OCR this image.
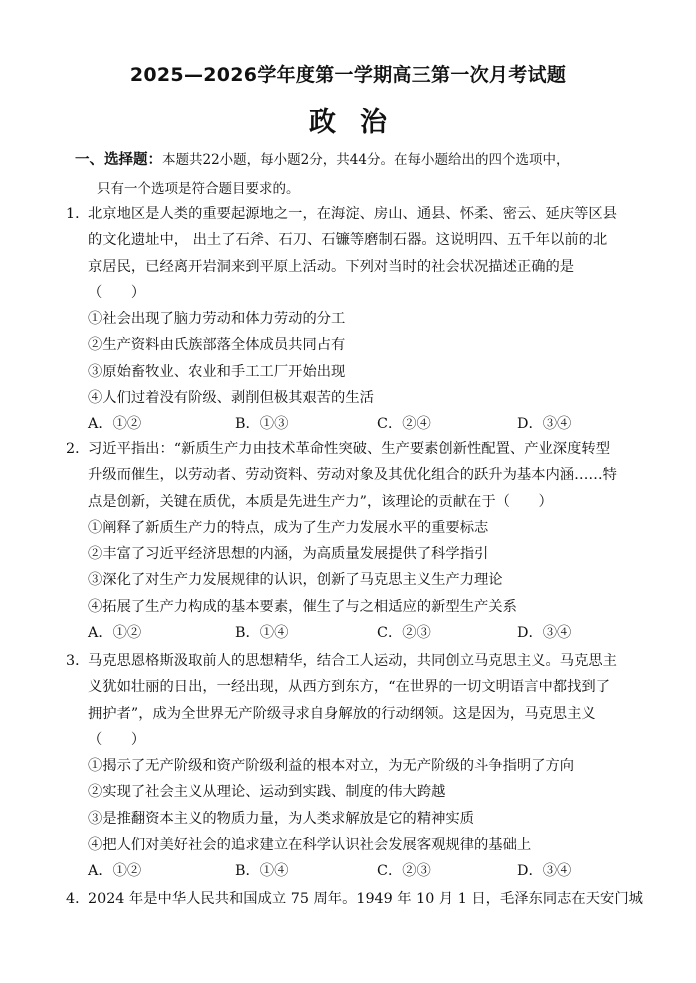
2025—2026学年度第一学期高三第一次月考试题
政治
一、选择题：本题共22小题，每小题2分，共44分。在每小题给出的四个选项中，
只有一个选项是符合题目要求的。
1．
北京地区是人类的重要起源地之一，在海淀、房山、通县、怀柔、密云、延庆等区县
的文化遗址中， 出土了石斧、石刀、石镰等磨制石器。这说明四、五千年以前的北
京居民，已经离开岩洞来到平原上活动。下列对当时的社会状况描述正确的是
（　　）
①社会出现了脑力劳动和体力劳动的分工
②生产资料由氏族部落全体成员共同占有
③原始畜牧业、农业和手工工厂开始出现
④人们过着没有阶级、剥削但极其艰苦的生活
A．①②	B．①③	C．②④	D．③④
2．
习近平指出：“新质生产力由技术革命性突破、生产要素创新性配置、产业深度转型
升级而催生，以劳动者、劳动资料、劳动对象及其优化组合的跃升为基本内涵……特
点是创新，关键在质优，本质是先进生产力”，该理论的贡献在于（　　）
①阐释了新质生产力的特点，成为了生产力发展水平的重要标志
②丰富了习近平经济思想的内涵，为高质量发展提供了科学指引
③深化了对生产力发展规律的认识，创新了马克思主义生产力理论
④拓展了生产力构成的基本要素，催生了与之相适应的新型生产关系
A．①②	B．①④	C．②③	D．③④
3．
马克思恩格斯汲取前人的思想精华，结合工人运动，共同创立马克思主义。马克思主
义犹如壮丽的日出，一经出现，从西方到东方，“在世界的一切文明语言中都找到了
拥护者”，成为全世界无产阶级寻求自身解放的行动纲领。这是因为，马克思主义
（　　）
①揭示了无产阶级和资产阶级利益的根本对立，为无产阶级的斗争指明了方向
②实现了社会主义从理论、运动到实践、制度的伟大跨越
③是推翻资本主义的物质力量，为人类求解放是它的精神实质
④把人们对美好社会的追求建立在科学认识社会发展客观规律的基础上
A．①②	B．①④	C．②③	D．③④
4．
2024 年是中华人民共和国成立 75 周年。1949 年 10 月 1 日，毛泽东同志在天安门城
